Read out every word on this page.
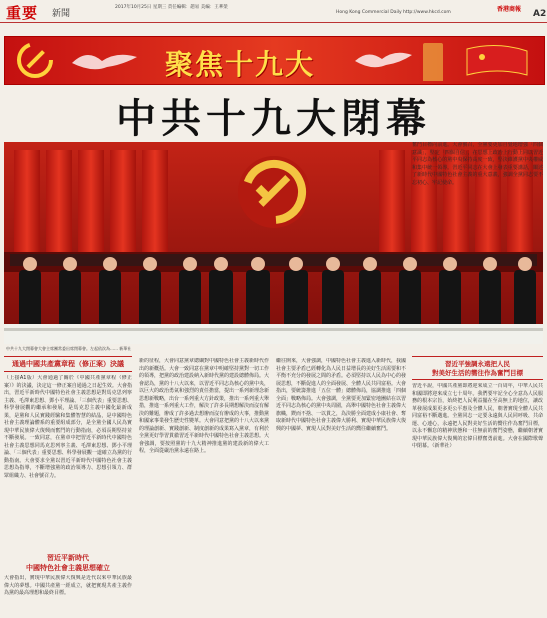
重要 新聞
2017年10月25日 星期三 責任編輯：趙易 美編：王華榮
Hong Kong Commercial Daily http://www.hkcd.com	香港商報 A2
聚焦十九大
中共十九大閉幕
中共十九大閉幕會大會主席團常委出席閉幕會。左起依次為…… 新華社
通過中國共產黨章程（修正案）決議
（上接A1版）大會通過了關於《中國共產黨章程（修正案）》的決議，決定這一修正案自通過之日起生效。大會指出，習近平新時代中國特色社會主義思想是對馬克思列寧主義、毛澤東思想、鄧小平理論、「三個代表」重要思想、科學發展觀的繼承和發展，是馬克思主義中國化最新成果，是黨和人民實踐經驗和集體智慧的結晶，是中國特色社會主義理論體系的重要組成部分，是全黨全國人民為實現中華民族偉大復興而奮鬥的行動指南，必須長期堅持並不斷發展。一致同意，在黨章中把習近平新時代中國特色社會主義思想同馬克思列寧主義、毛澤東思想、鄧小平理論、「三個代表」重要思想、科學發展觀一道確立為黨的行動指南。大會要求全黨以習近平新時代中國特色社會主義思想為指導，不斷增強黨的政治領導力、思想引領力、群眾組織力、社會號召力。
習近平新時代
中國特色社會主義思想確立
大會指出，實現中華民族偉大復興是近代以來中華民族最偉大的夢想。中國共產黨一經成立，就把實現共產主義作為黨的最高理想和最終目標。
新的征程，大會同意黨章總綱對中國特色社會主義新時代作出的新概括。大會一致同意在黨章中明確堅持黨對一切工作的領導，把黨的政治建設納入新時代黨的建設總體佈局。大會認為，黨的十八大以來，以習近平同志為核心的黨中央，以巨大的政治勇氣和強烈的責任擔當，提出一系列新理念新思想新戰略，出台一系列重大方針政策，推出一系列重大舉措，推進一系列重大工作，解決了許多長期想解決而沒有解決的難題，辦成了許多過去想辦而沒有辦成的大事，推動黨和國家事業發生歷史性變革。大會同意把黨的十八大以來黨的理論創新、實踐創新、制度創新的成果寫入黨章，有利於全黨更好學習貫徹習近平新時代中國特色社會主義思想。大會強調，要按照黨的十九大精神推進黨的建設新的偉大工程，全面從嚴治黨永遠在路上。
繼往開來，大會強調，中國特色社會主義進入新時代，我國社會主要矛盾已經轉化為人民日益增長的美好生活需要和不平衡不充分的發展之間的矛盾。必須堅持以人民為中心的發展思想，不斷促進人的全面發展、全體人民共同富裕。大會指出，要統籌推進「五位一體」總體佈局，協調推進「四個全面」戰略佈局。大會強調，全黨要更加緊密地團結在以習近平同志為核心的黨中央周圍，高舉中國特色社會主義偉大旗幟，鍥而不捨、一以貫之，為決勝全面建成小康社會、奪取新時代中國特色社會主義偉大勝利、實現中華民族偉大復興的中國夢、實現人民對美好生活的嚮往繼續奮鬥。
奮鬥目標向前進。大會號召，全黨要更加自覺地增強「四個意識」，堅定「四個自信」，在思想上政治上行動上同以習近平同志為核心的黨中央保持高度一致，堅決維護黨中央權威和集中統一領導。習近平同志在大會上發表重要講話，闡述了新時代中國特色社會主義的重大意義，強調全黨同志要不忘初心、牢記使命。
習近平強調永遠把人民
對美好生活的嚮往作為奮鬥目標
習近平說，中國共產黨即將迎來成立一百周年，中華人民共和國即將迎來成立七十周年。我們要牢記全心全意為人民服務的根本宗旨，始終把人民利益擺在至高無上的地位，讓改革發展成果更多更公平惠及全體人民，朝著實現全體人民共同富裕不斷邁進。全黨同志一定要永遠與人民同呼吸、共命運、心連心，永遠把人民對美好生活的嚮往作為奮鬥目標，以永不懈怠的精神狀態和一往無前的奮鬥姿態，繼續朝著實現中華民族偉大復興的宏偉目標奮勇前進。大會在國際歌聲中閉幕。（新華社）
